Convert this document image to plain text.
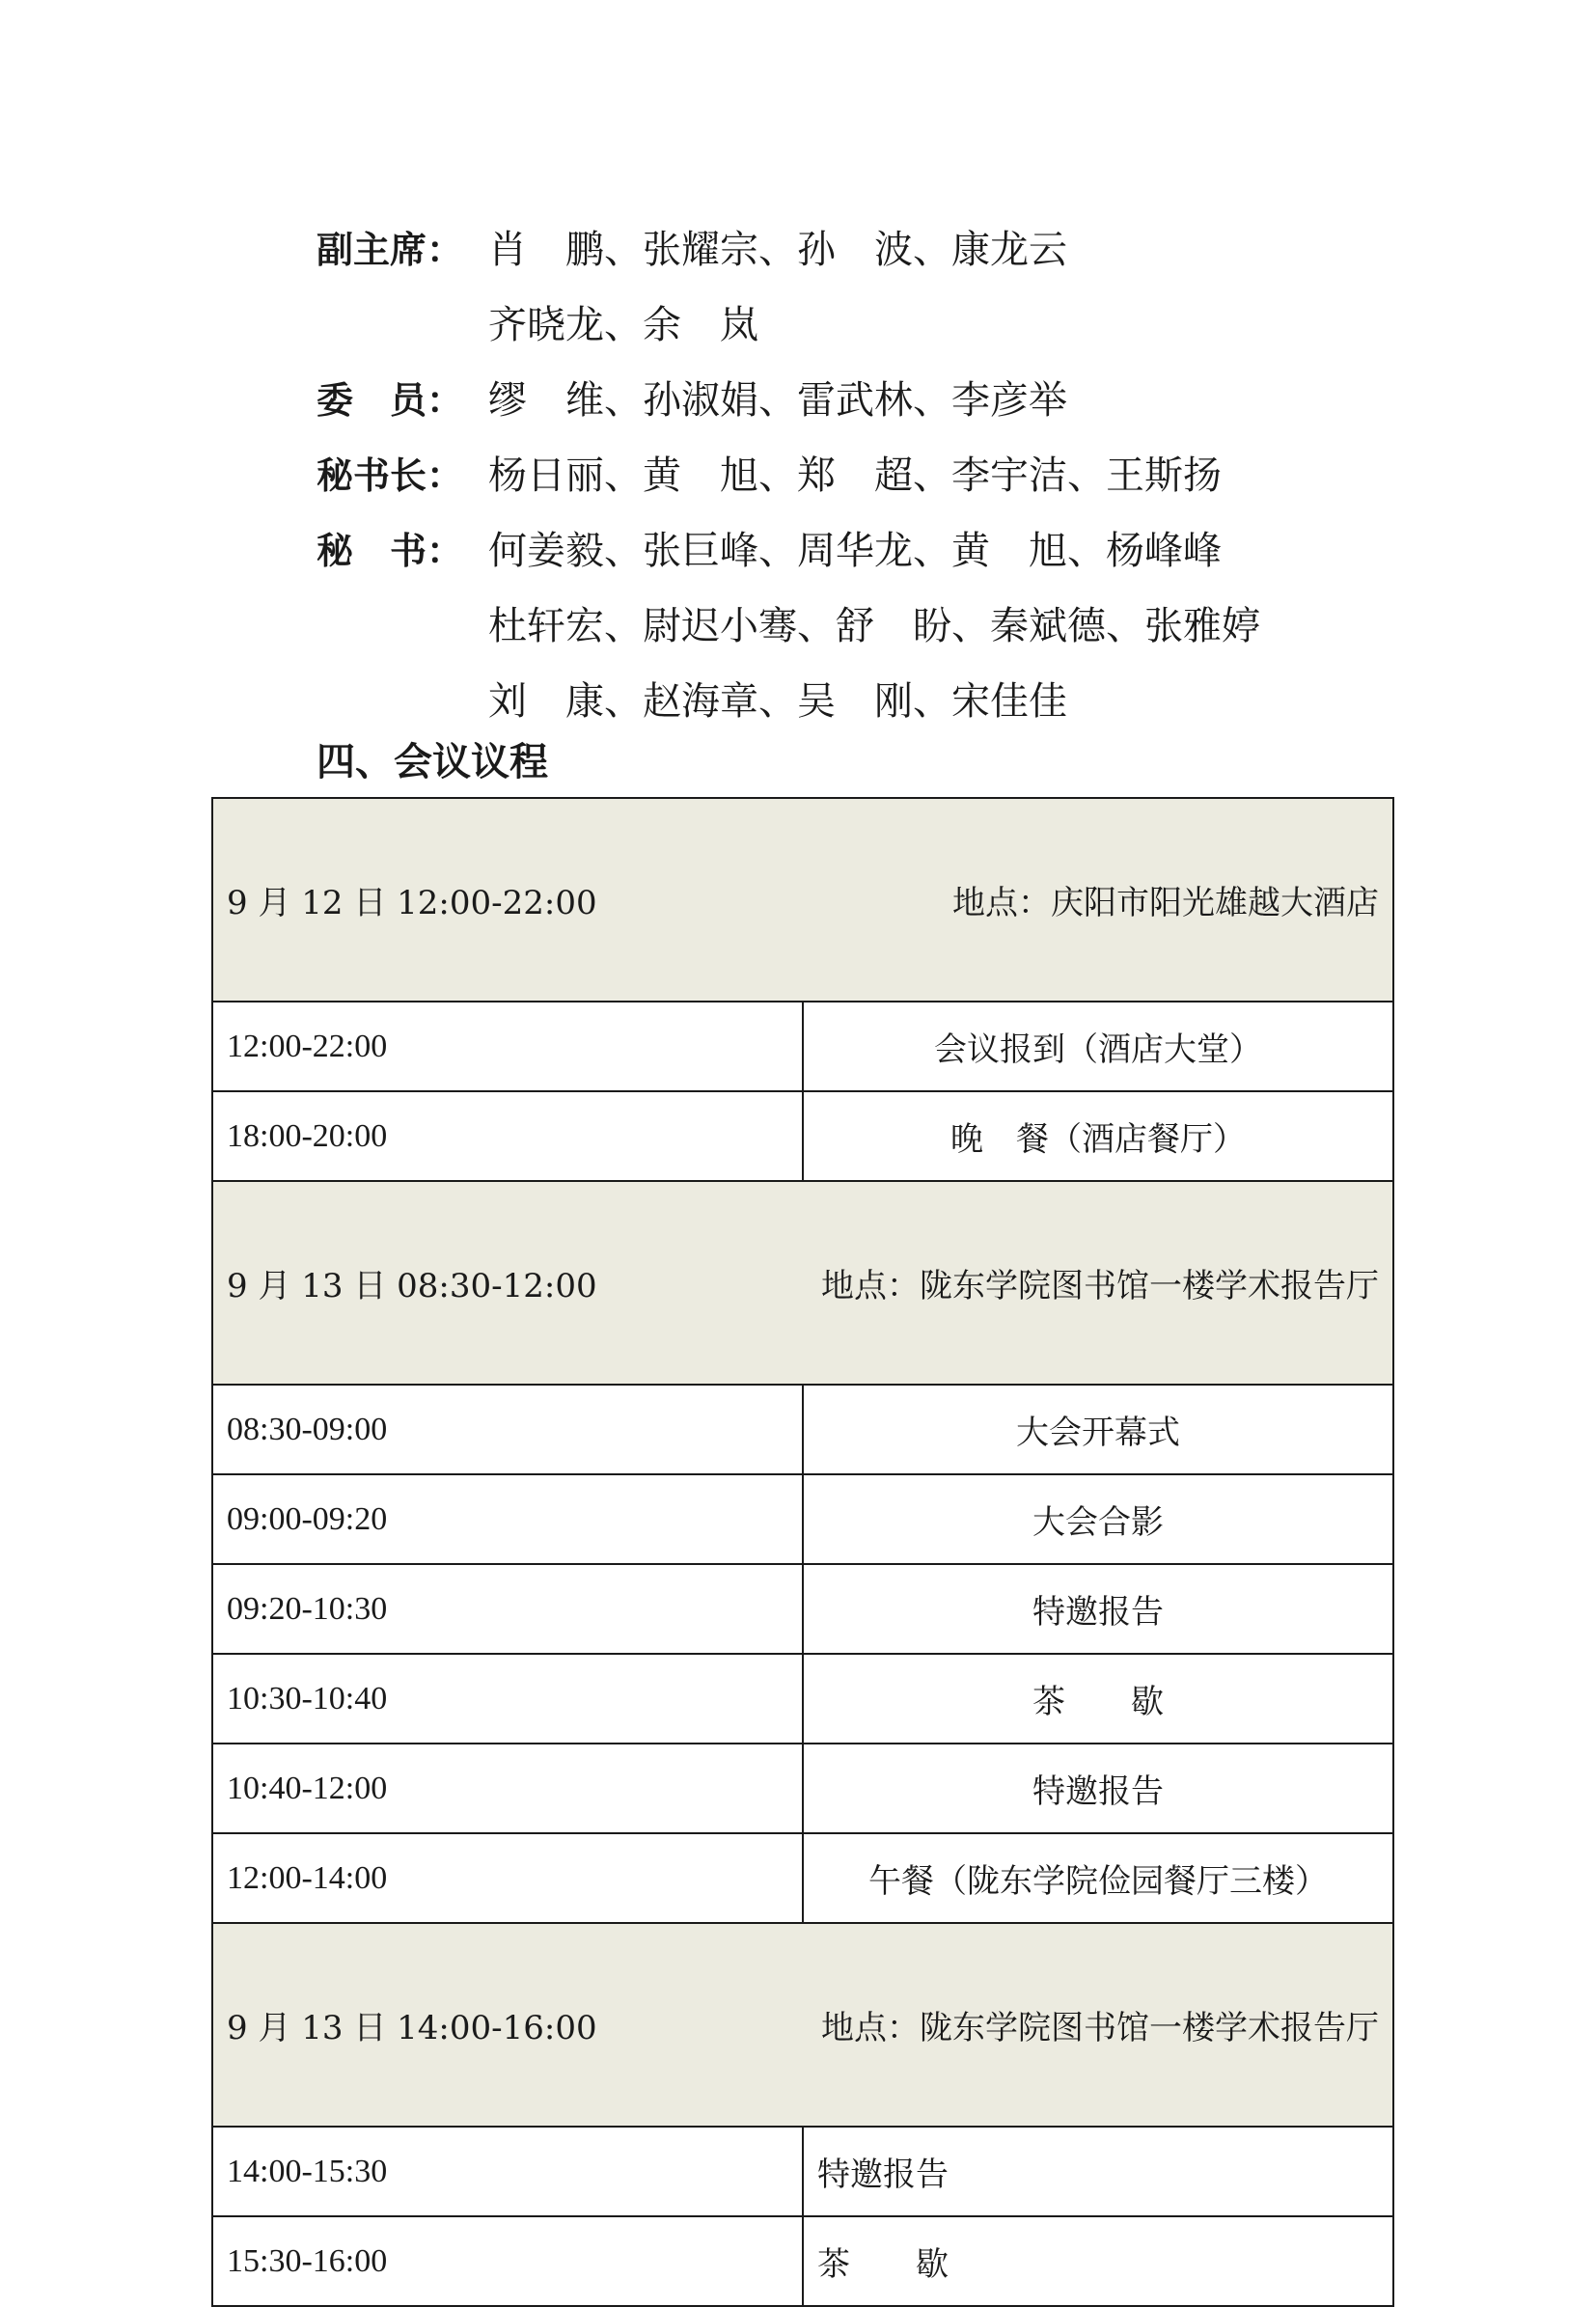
副主席： 肖　鹏、张耀宗、孙　波、康龙云
齐晓龙、余　岚
委　员： 缪　维、孙淑娟、雷武林、李彦举
秘书长： 杨日丽、黄　旭、郑　超、李宇洁、王斯扬
秘　书： 何姜毅、张巨峰、周华龙、黄　旭、杨峰峰
杜轩宏、尉迟小骞、舒　盼、秦斌德、张雅婷
刘　康、赵海章、吴　刚、宋佳佳
四、会议议程

9 月 12 日 12:00-22:00 地点：庆阳市阳光雄越大酒店	

12:00-22:00	会议报到（酒店大堂）
18:00-20:00	晚　餐（酒店餐厅）

9 月 13 日 08:30-12:00 地点：陇东学院图书馆一楼学术报告厅	

08:30-09:00	大会开幕式
09:00-09:20	大会合影
09:20-10:30	特邀报告
10:30-10:40	茶　　歇
10:40-12:00	特邀报告
12:00-14:00	午餐（陇东学院俭园餐厅三楼）

9 月 13 日 14:00-16:00 地点：陇东学院图书馆一楼学术报告厅	

14:00-15:30	特邀报告
15:30-16:00	茶　　歇
